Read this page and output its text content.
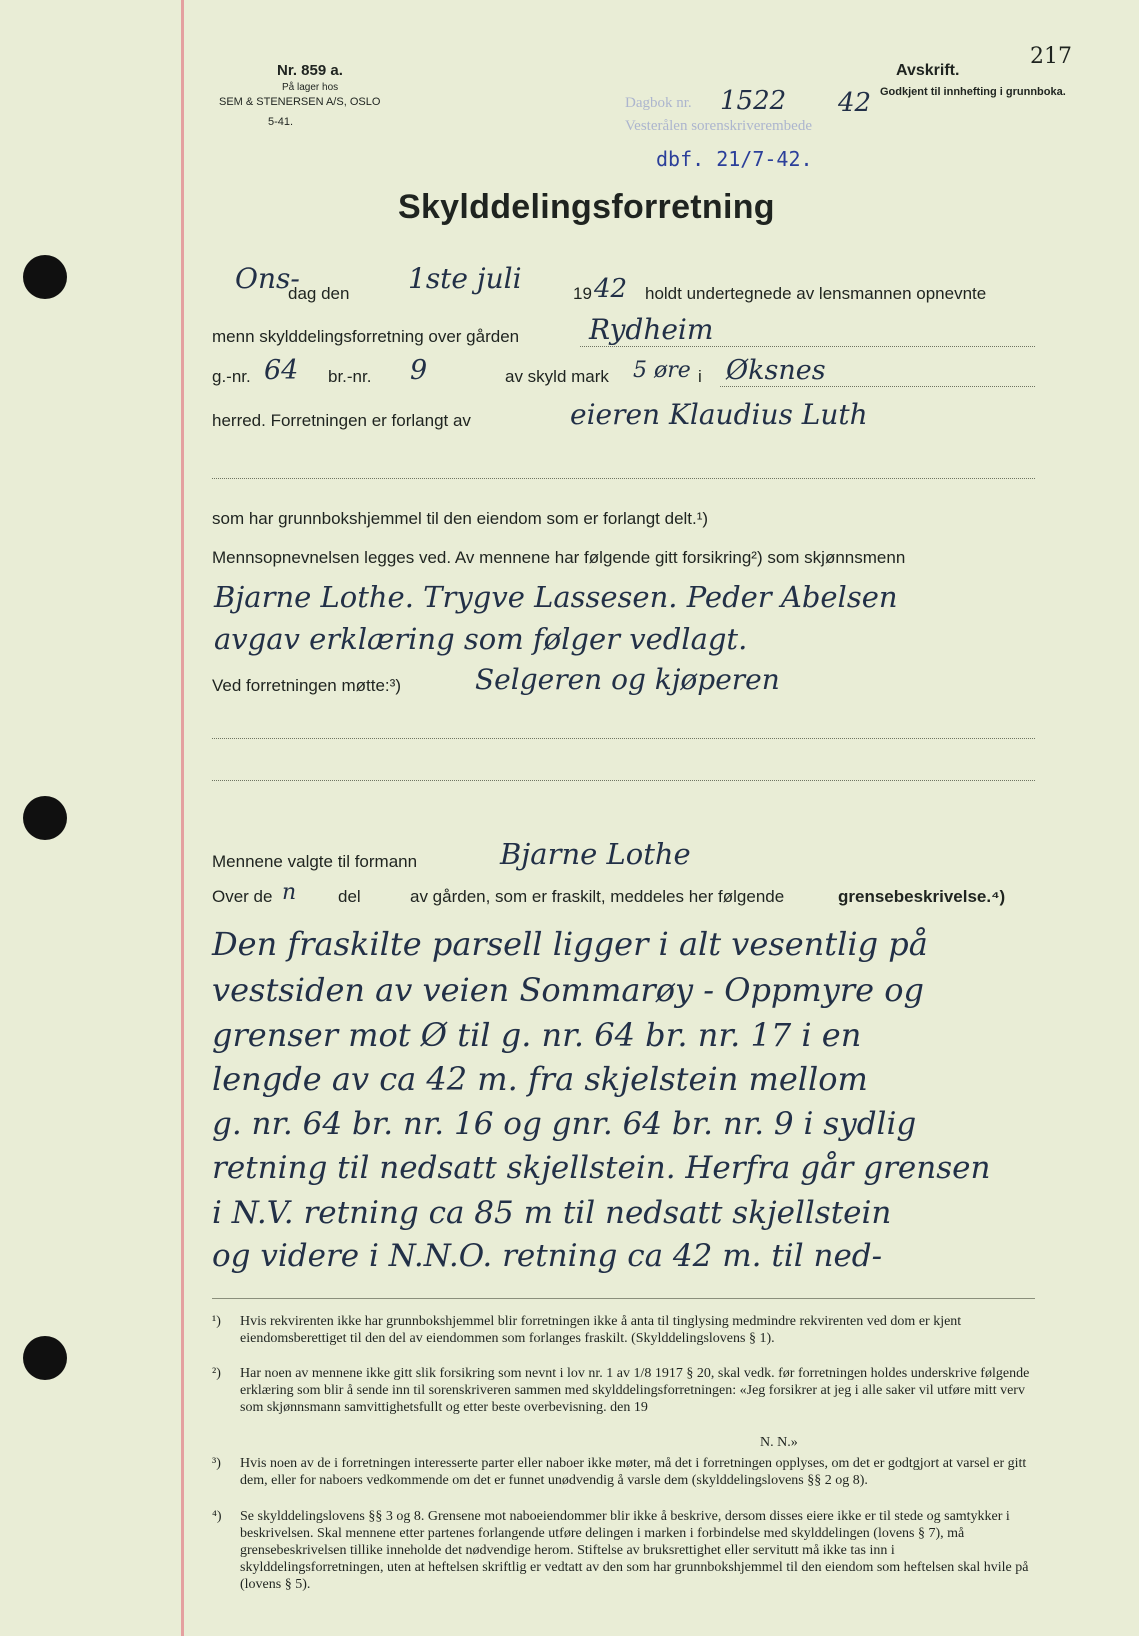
217
Nr. 859 a.
På lager hos
SEM & STENERSEN A/S, OSLO
5-41.
Avskrift.
Godkjent til innhefting i grunnboka.
Dagbok nr. 1522 42
Vesterålen sorenskriverembede
dbf. 21/7-42.
Skylddelingsforretning
Ons-
dag den 1ste juli	19 42 holdt undertegnede av lensmannen opnevnte
menn skylddelingsforretning over gården Rydheim
g.-nr. 64 br.-nr. 9	av skyld mark 5 øre i Øksnes
herred. Forretningen er forlangt av	eieren Klaudius Luth
som har grunnbokshjemmel til den eiendom som er forlangt delt.¹)
Mennsopnevnelsen legges ved. Av mennene har følgende gitt forsikring²) som skjønnsmenn
Bjarne Lothe. Trygve Lassesen. Peder Abelsen
avgav erklæring som følger vedlagt.
Ved forretningen møtte:³)	Selgeren og kjøperen
Mennene valgte til formann	Bjarne Lothe
Over de n del	av gården, som er fraskilt, meddeles her følgende	grensebeskrivelse.⁴)
Den fraskilte parsell ligger i alt vesentlig på
vestsiden av veien Sommarøy - Oppmyre og
grenser mot Ø til g. nr. 64 br. nr. 17 i en
lengde av ca 42 m. fra skjelstein mellom
g. nr. 64 br. nr. 16 og gnr. 64 br. nr. 9 i sydlig
retning til nedsatt skjellstein. Herfra går grensen
i N.V. retning ca 85 m til nedsatt skjellstein
og videre i N.N.O. retning ca 42 m. til ned-
¹) Hvis rekvirenten ikke har grunnbokshjemmel blir forretningen ikke å anta til tinglysing medmindre rekvirenten ved dom er kjent eiendomsberettiget til den del av eiendommen som forlanges fraskilt. (Skylddelingslovens § 1).
²) Har noen av mennene ikke gitt slik forsikring som nevnt i lov nr. 1 av 1/8 1917 § 20, skal vedk. før forretningen holdes underskrive følgende erklæring som blir å sende inn til sorenskriveren sammen med skylddelingsforretningen: «Jeg forsikrer at jeg i alle saker vil utføre mitt verv som skjønnsmann samvittighetsfullt og etter beste overbevisning. den 19
N. N.»
³) Hvis noen av de i forretningen interesserte parter eller naboer ikke møter, må det i forretningen opplyses, om det er godtgjort at varsel er gitt dem, eller for naboers vedkommende om det er funnet unødvendig å varsle dem (skylddelingslovens §§ 2 og 8).
⁴) Se skylddelingslovens §§ 3 og 8. Grensene mot naboeiendommer blir ikke å beskrive, dersom disses eiere ikke er til stede og samtykker i beskrivelsen. Skal mennene etter partenes forlangende utføre delingen i marken i forbindelse med skylddelingen (lovens § 7), må grensebeskrivelsen tillike inneholde det nødvendige herom. Stiftelse av bruksrettighet eller servitutt må ikke tas inn i skylddelingsforretningen, uten at heftelsen skriftlig er vedtatt av den som har grunnbokshjemmel til den eiendom som heftelsen skal hvile på (lovens § 5).
